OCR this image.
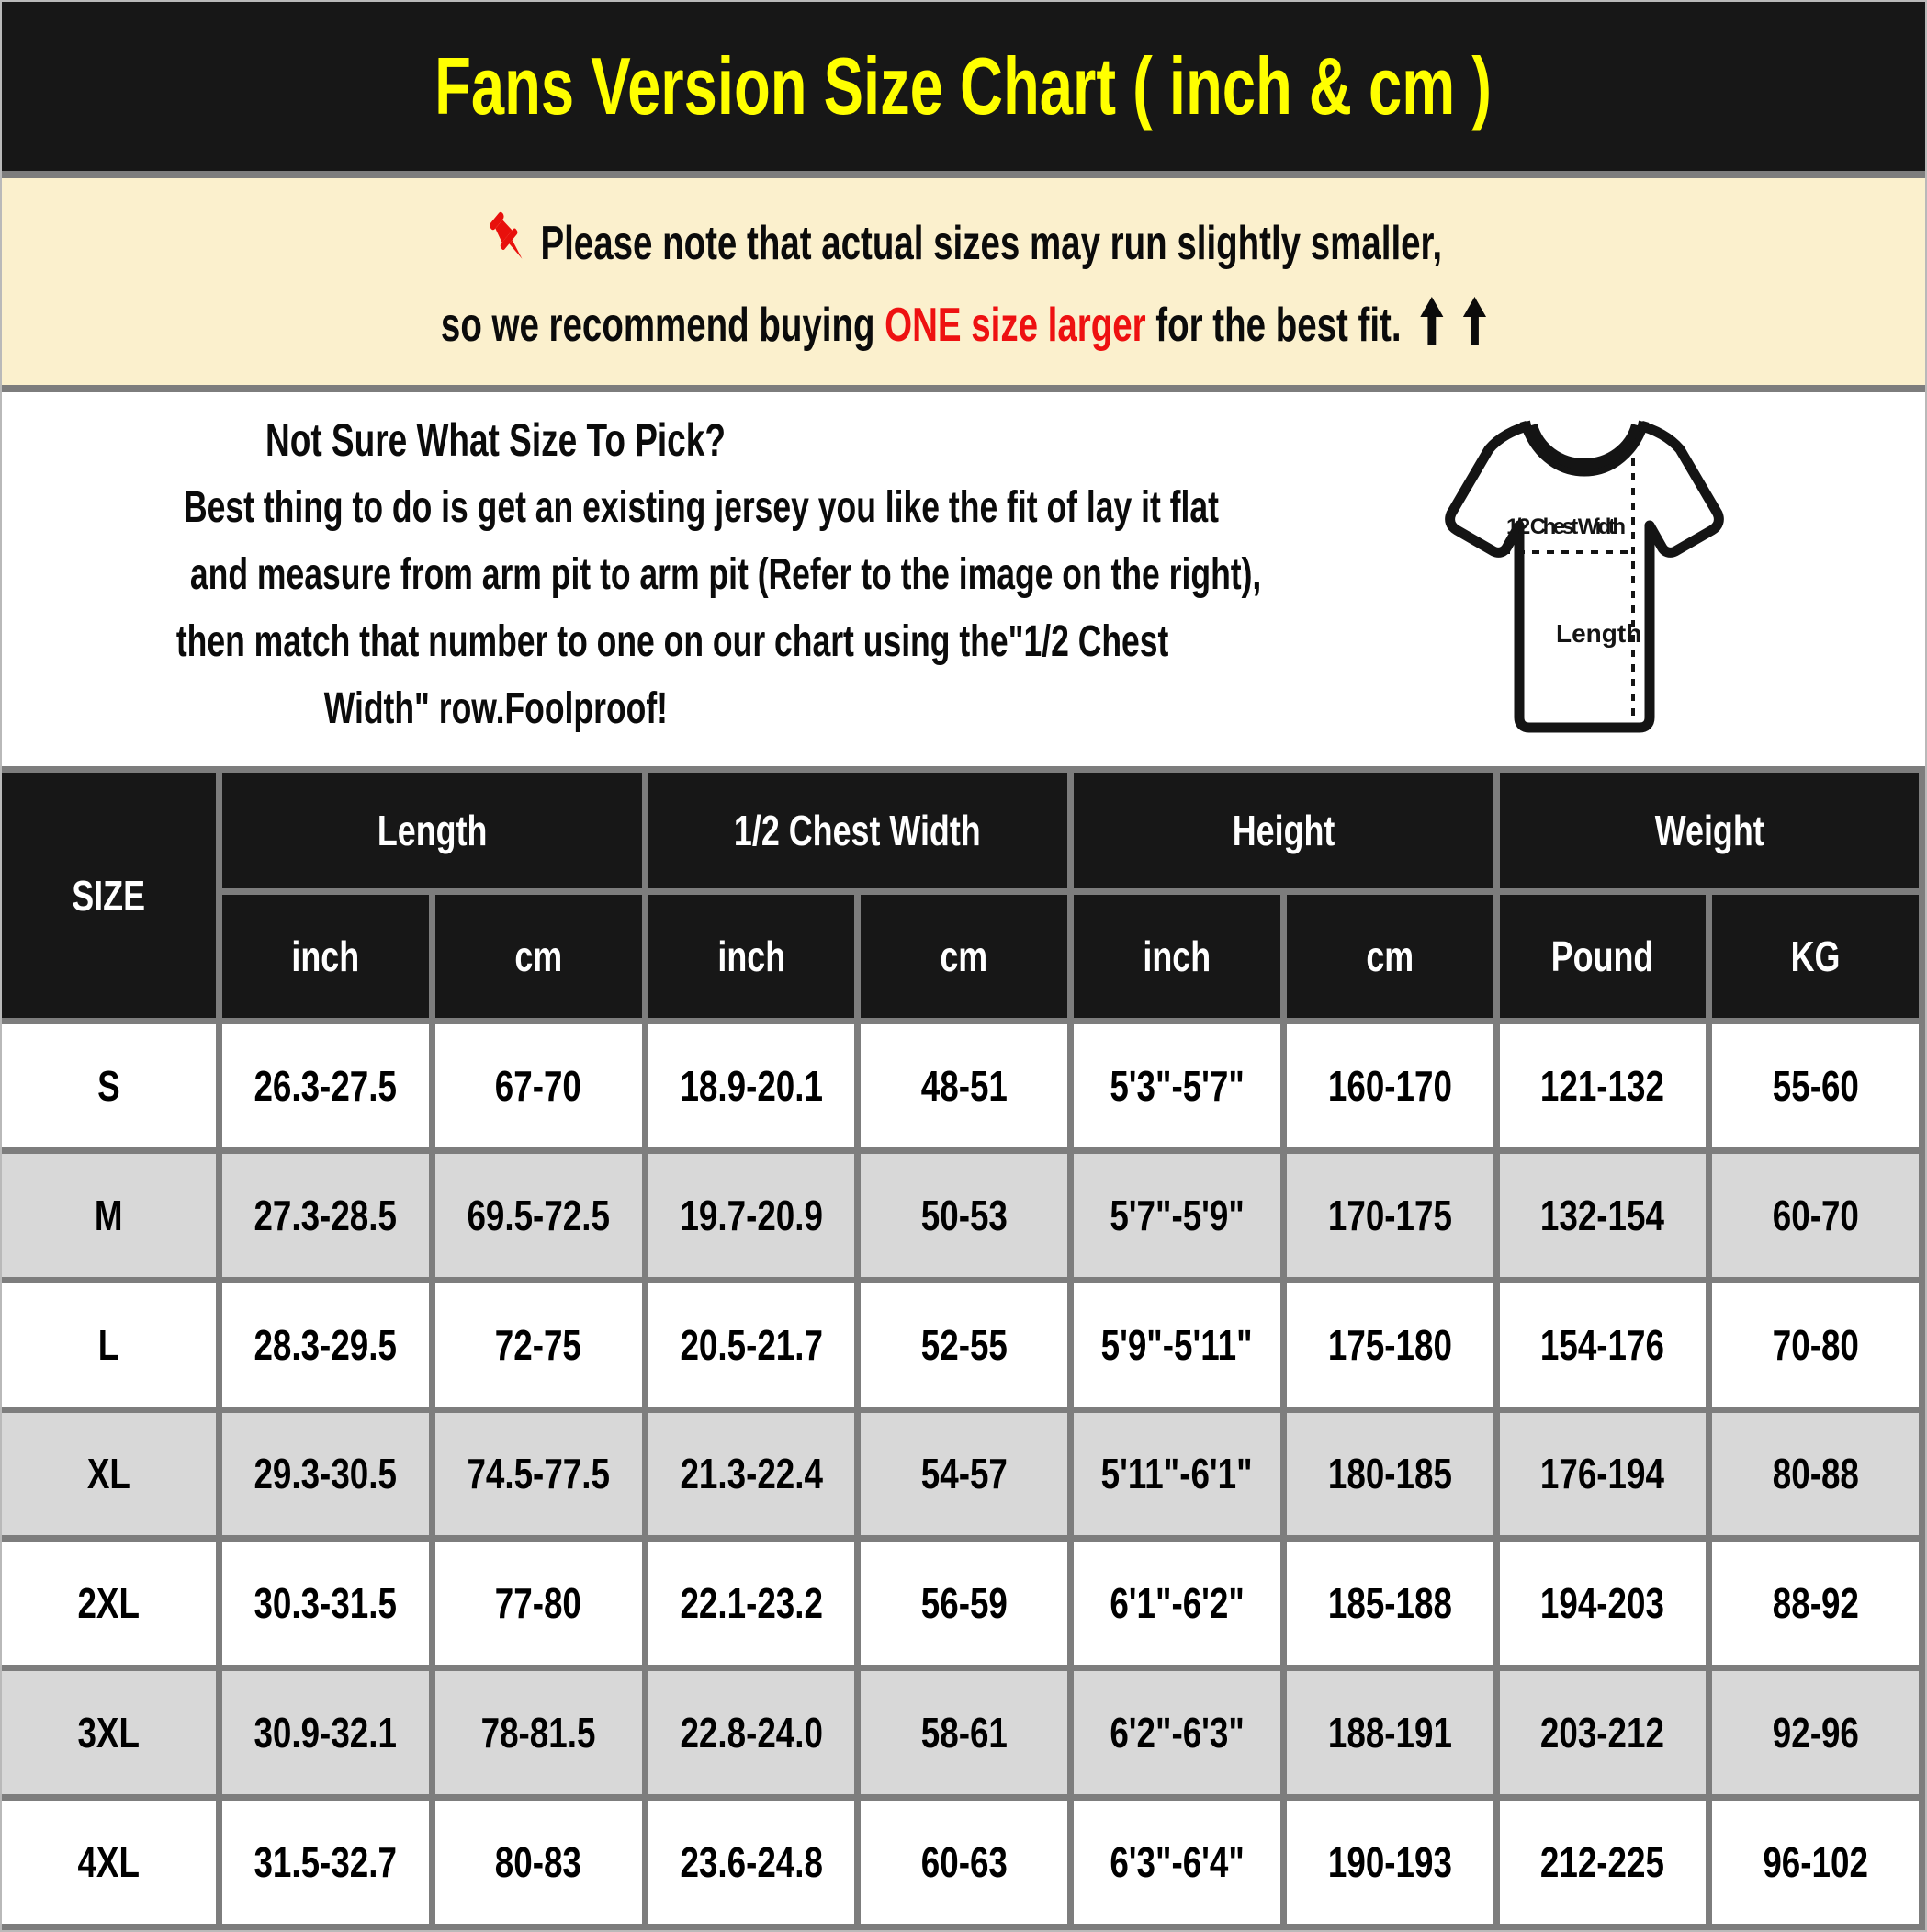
Fans Version Size Chart ( inch & cm )
Please note that actual sizes may run slightly smaller,
so we recommend buying ONE size larger for the best fit.
Not Sure What Size To Pick?
Best thing to do is get an existing jersey you like the fit of lay it flat
and measure from arm pit to arm pit (Refer to the image on the right),
then match that number to one on our chart using the"1/2 Chest
Width" row.Foolproof!
1/2 Chest Width
Length
SIZE
Length	1/2 Chest Width	Height	Weight
inch	cm	inch	cm	inch	cm	Pound	KG
S	26.3-27.5 67-70 18.9-20.1 48-51 5'3"-5'7" 160-170 121-132	55-60
M	27.3-28.5 69.5-72.5 19.7-20.9 50-53 5'7"-5'9" 170-175 132-154	60-70
L	28.3-29.5 72-75 20.5-21.7 52-55 5'9"-5'11" 175-180 154-176	70-80
XL	29.3-30.5 74.5-77.5 21.3-22.4 54-57 5'11"-6'1" 180-185 176-194	80-88
2XL	30.3-31.5 77-80 22.1-23.2 56-59 6'1"-6'2" 185-188 194-203	88-92
3XL	30.9-32.1 78-81.5 22.8-24.0 58-61 6'2"-6'3" 188-191 203-212	92-96
4XL	31.5-32.7 80-83 23.6-24.8 60-63 6'3"-6'4" 190-193 212-225 96-102
